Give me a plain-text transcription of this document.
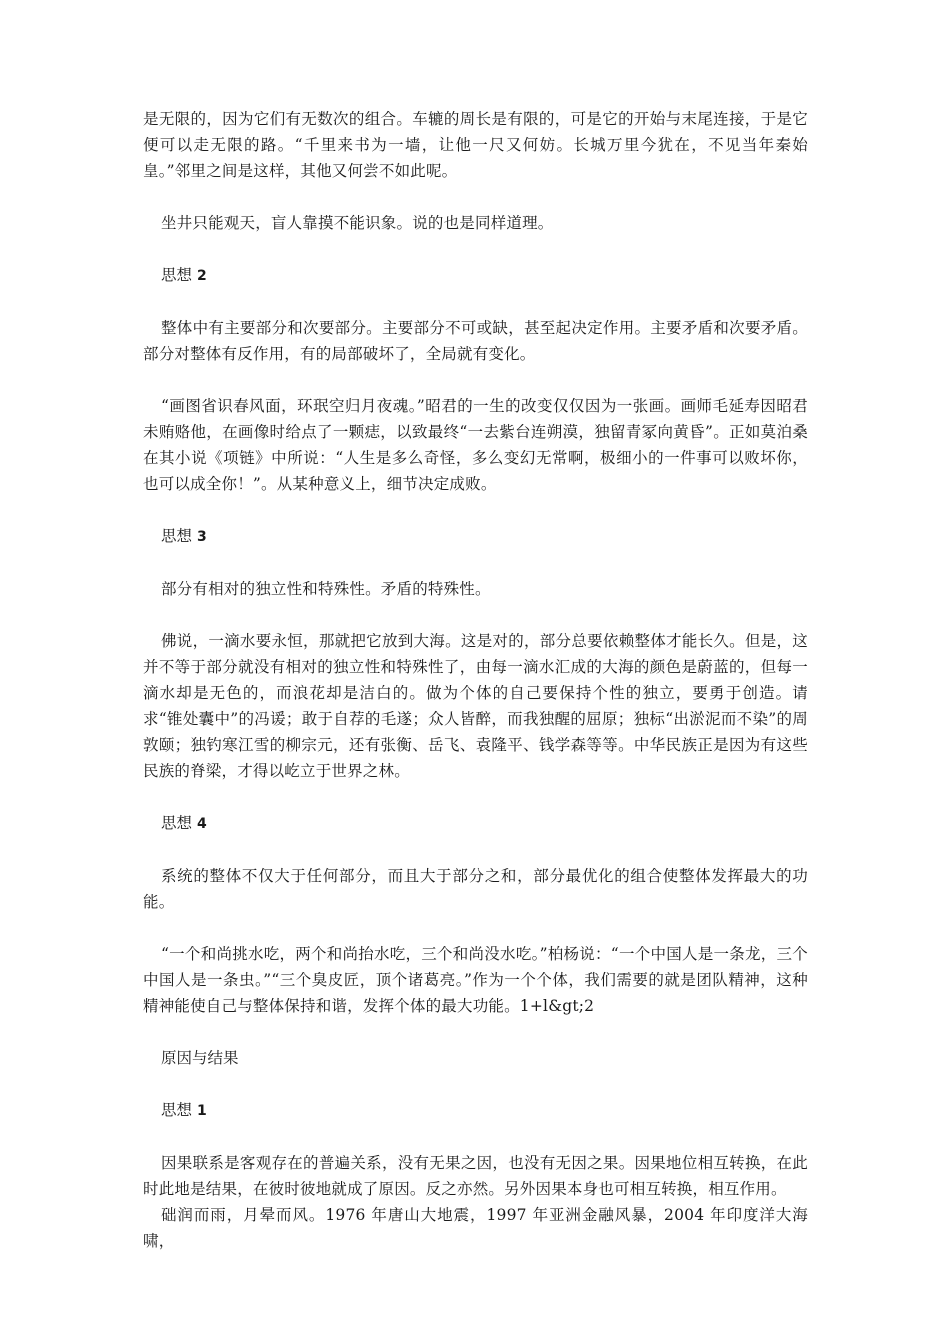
是无限的，因为它们有无数次的组合。车辘的周长是有限的，可是它的开始与末尾连接，于是它便可以走无限的路。“千里来书为一墙，让他一尺又何妨。长城万里今犹在，不见当年秦始皇。”邻里之间是这样，其他又何尝不如此呢。

坐井只能观天，盲人靠摸不能识象。说的也是同样道理。

思想 2

整体中有主要部分和次要部分。主要部分不可或缺，甚至起决定作用。主要矛盾和次要矛盾。部分对整体有反作用，有的局部破坏了，全局就有变化。

“画图省识春风面，环珉空归月夜魂。”昭君的一生的改变仅仅因为一张画。画师毛延寿因昭君未贿赂他，在画像时给点了一颗痣，以致最终“一去紫台连朔漠，独留青冢向黄昏”。正如莫泊桑在其小说《项链》中所说：“人生是多么奇怪，多么变幻无常啊，极细小的一件事可以败坏你，也可以成全你！”。从某种意义上，细节决定成败。

思想 3

部分有相对的独立性和特殊性。矛盾的特殊性。

佛说，一滴水要永恒，那就把它放到大海。这是对的，部分总要依赖整体才能长久。但是，这并不等于部分就没有相对的独立性和特殊性了，由每一滴水汇成的大海的颜色是蔚蓝的，但每一滴水却是无色的，而浪花却是洁白的。做为个体的自己要保持个性的独立，要勇于创造。请求“锥处囊中”的冯谖；敢于自荐的毛遂；众人皆醉，而我独醒的屈原；独标“出淤泥而不染”的周敦颐；独钓寒江雪的柳宗元，还有张衡、岳飞、袁隆平、钱学森等等。中华民族正是因为有这些民族的脊梁，才得以屹立于世界之林。

思想 4

系统的整体不仅大于任何部分，而且大于部分之和，部分最优化的组合使整体发挥最大的功能。

“一个和尚挑水吃，两个和尚抬水吃，三个和尚没水吃。”柏杨说：“一个中国人是一条龙，三个中国人是一条虫。”“三个臭皮匠，顶个诸葛亮。”作为一个个体，我们需要的就是团队精神，这种精神能使自己与整体保持和谐，发挥个体的最大功能。1+l&gt;2

原因与结果
思想 1

因果联系是客观存在的普遍关系，没有无果之因，也没有无因之果。因果地位相互转换，在此时此地是结果，在彼时彼地就成了原因。反之亦然。另外因果本身也可相互转换，相互作用。

础润而雨，月晕而风。1976 年唐山大地震，1997 年亚洲金融风暴，2004 年印度洋大海啸，
